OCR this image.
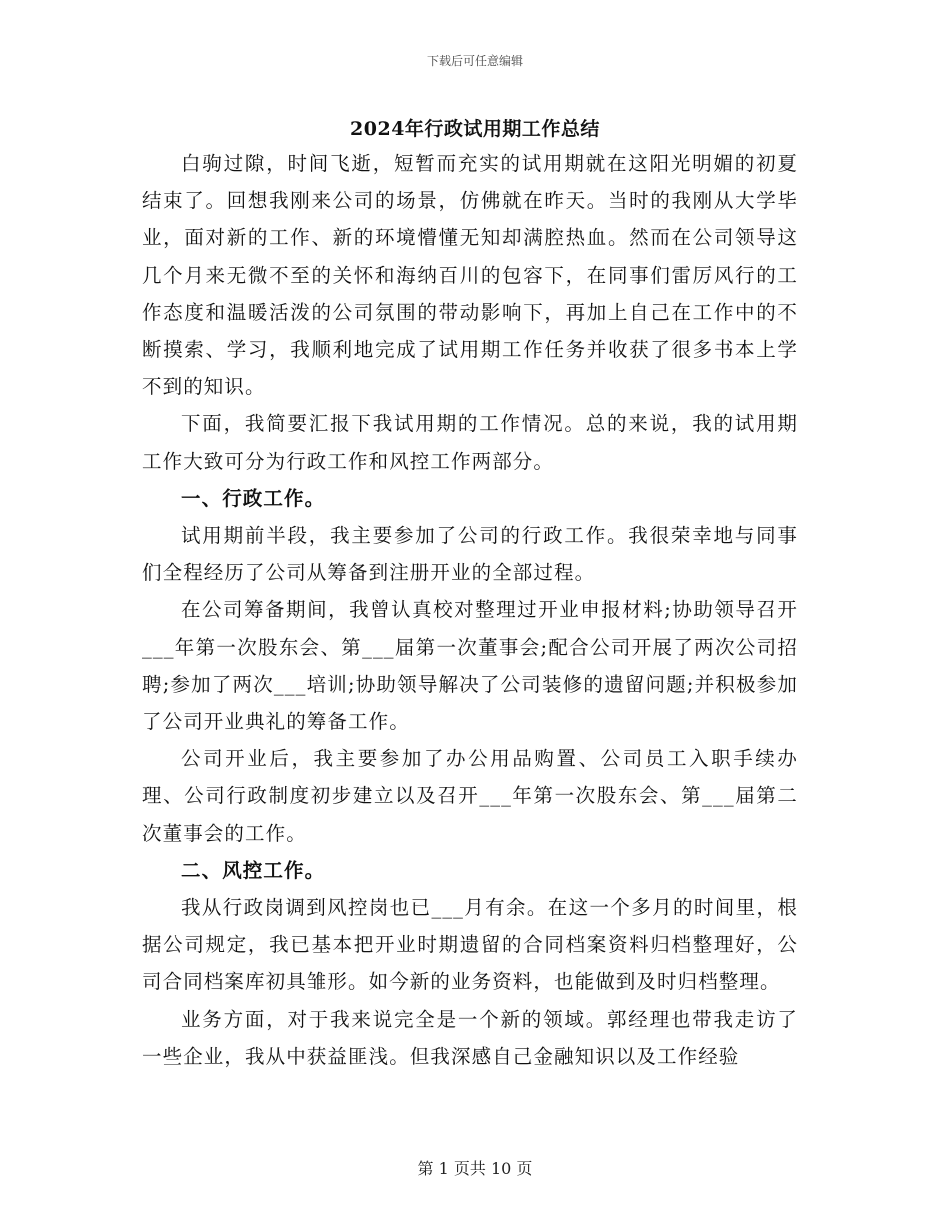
下载后可任意编辑
2024年行政试用期工作总结

白驹过隙，时间飞逝，短暂而充实的试用期就在这阳光明媚的初夏结束了。回想我刚来公司的场景，仿佛就在昨天。当时的我刚从大学毕业，面对新的工作、新的环境懵懂无知却满腔热血。然而在公司领导这几个月来无微不至的关怀和海纳百川的包容下，在同事们雷厉风行的工作态度和温暖活泼的公司氛围的带动影响下，再加上自己在工作中的不断摸索、学习，我顺利地完成了试用期工作任务并收获了很多书本上学不到的知识。

下面，我简要汇报下我试用期的工作情况。总的来说，我的试用期工作大致可分为行政工作和风控工作两部分。

一、行政工作。

试用期前半段，我主要参加了公司的行政工作。我很荣幸地与同事们全程经历了公司从筹备到注册开业的全部过程。

在公司筹备期间，我曾认真校对整理过开业申报材料;协助领导召开___年第一次股东会、第___届第一次董事会;配合公司开展了两次公司招聘;参加了两次___培训;协助领导解决了公司装修的遗留问题;并积极参加了公司开业典礼的筹备工作。

公司开业后，我主要参加了办公用品购置、公司员工入职手续办理、公司行政制度初步建立以及召开___年第一次股东会、第___届第二次董事会的工作。

二、风控工作。

我从行政岗调到风控岗也已___月有余。在这一个多月的时间里，根据公司规定，我已基本把开业时期遗留的合同档案资料归档整理好，公司合同档案库初具雏形。如今新的业务资料，也能做到及时归档整理。

业务方面，对于我来说完全是一个新的领域。郭经理也带我走访了一些企业，我从中获益匪浅。但我深感自己金融知识以及工作经验

第 1 页共 10 页
